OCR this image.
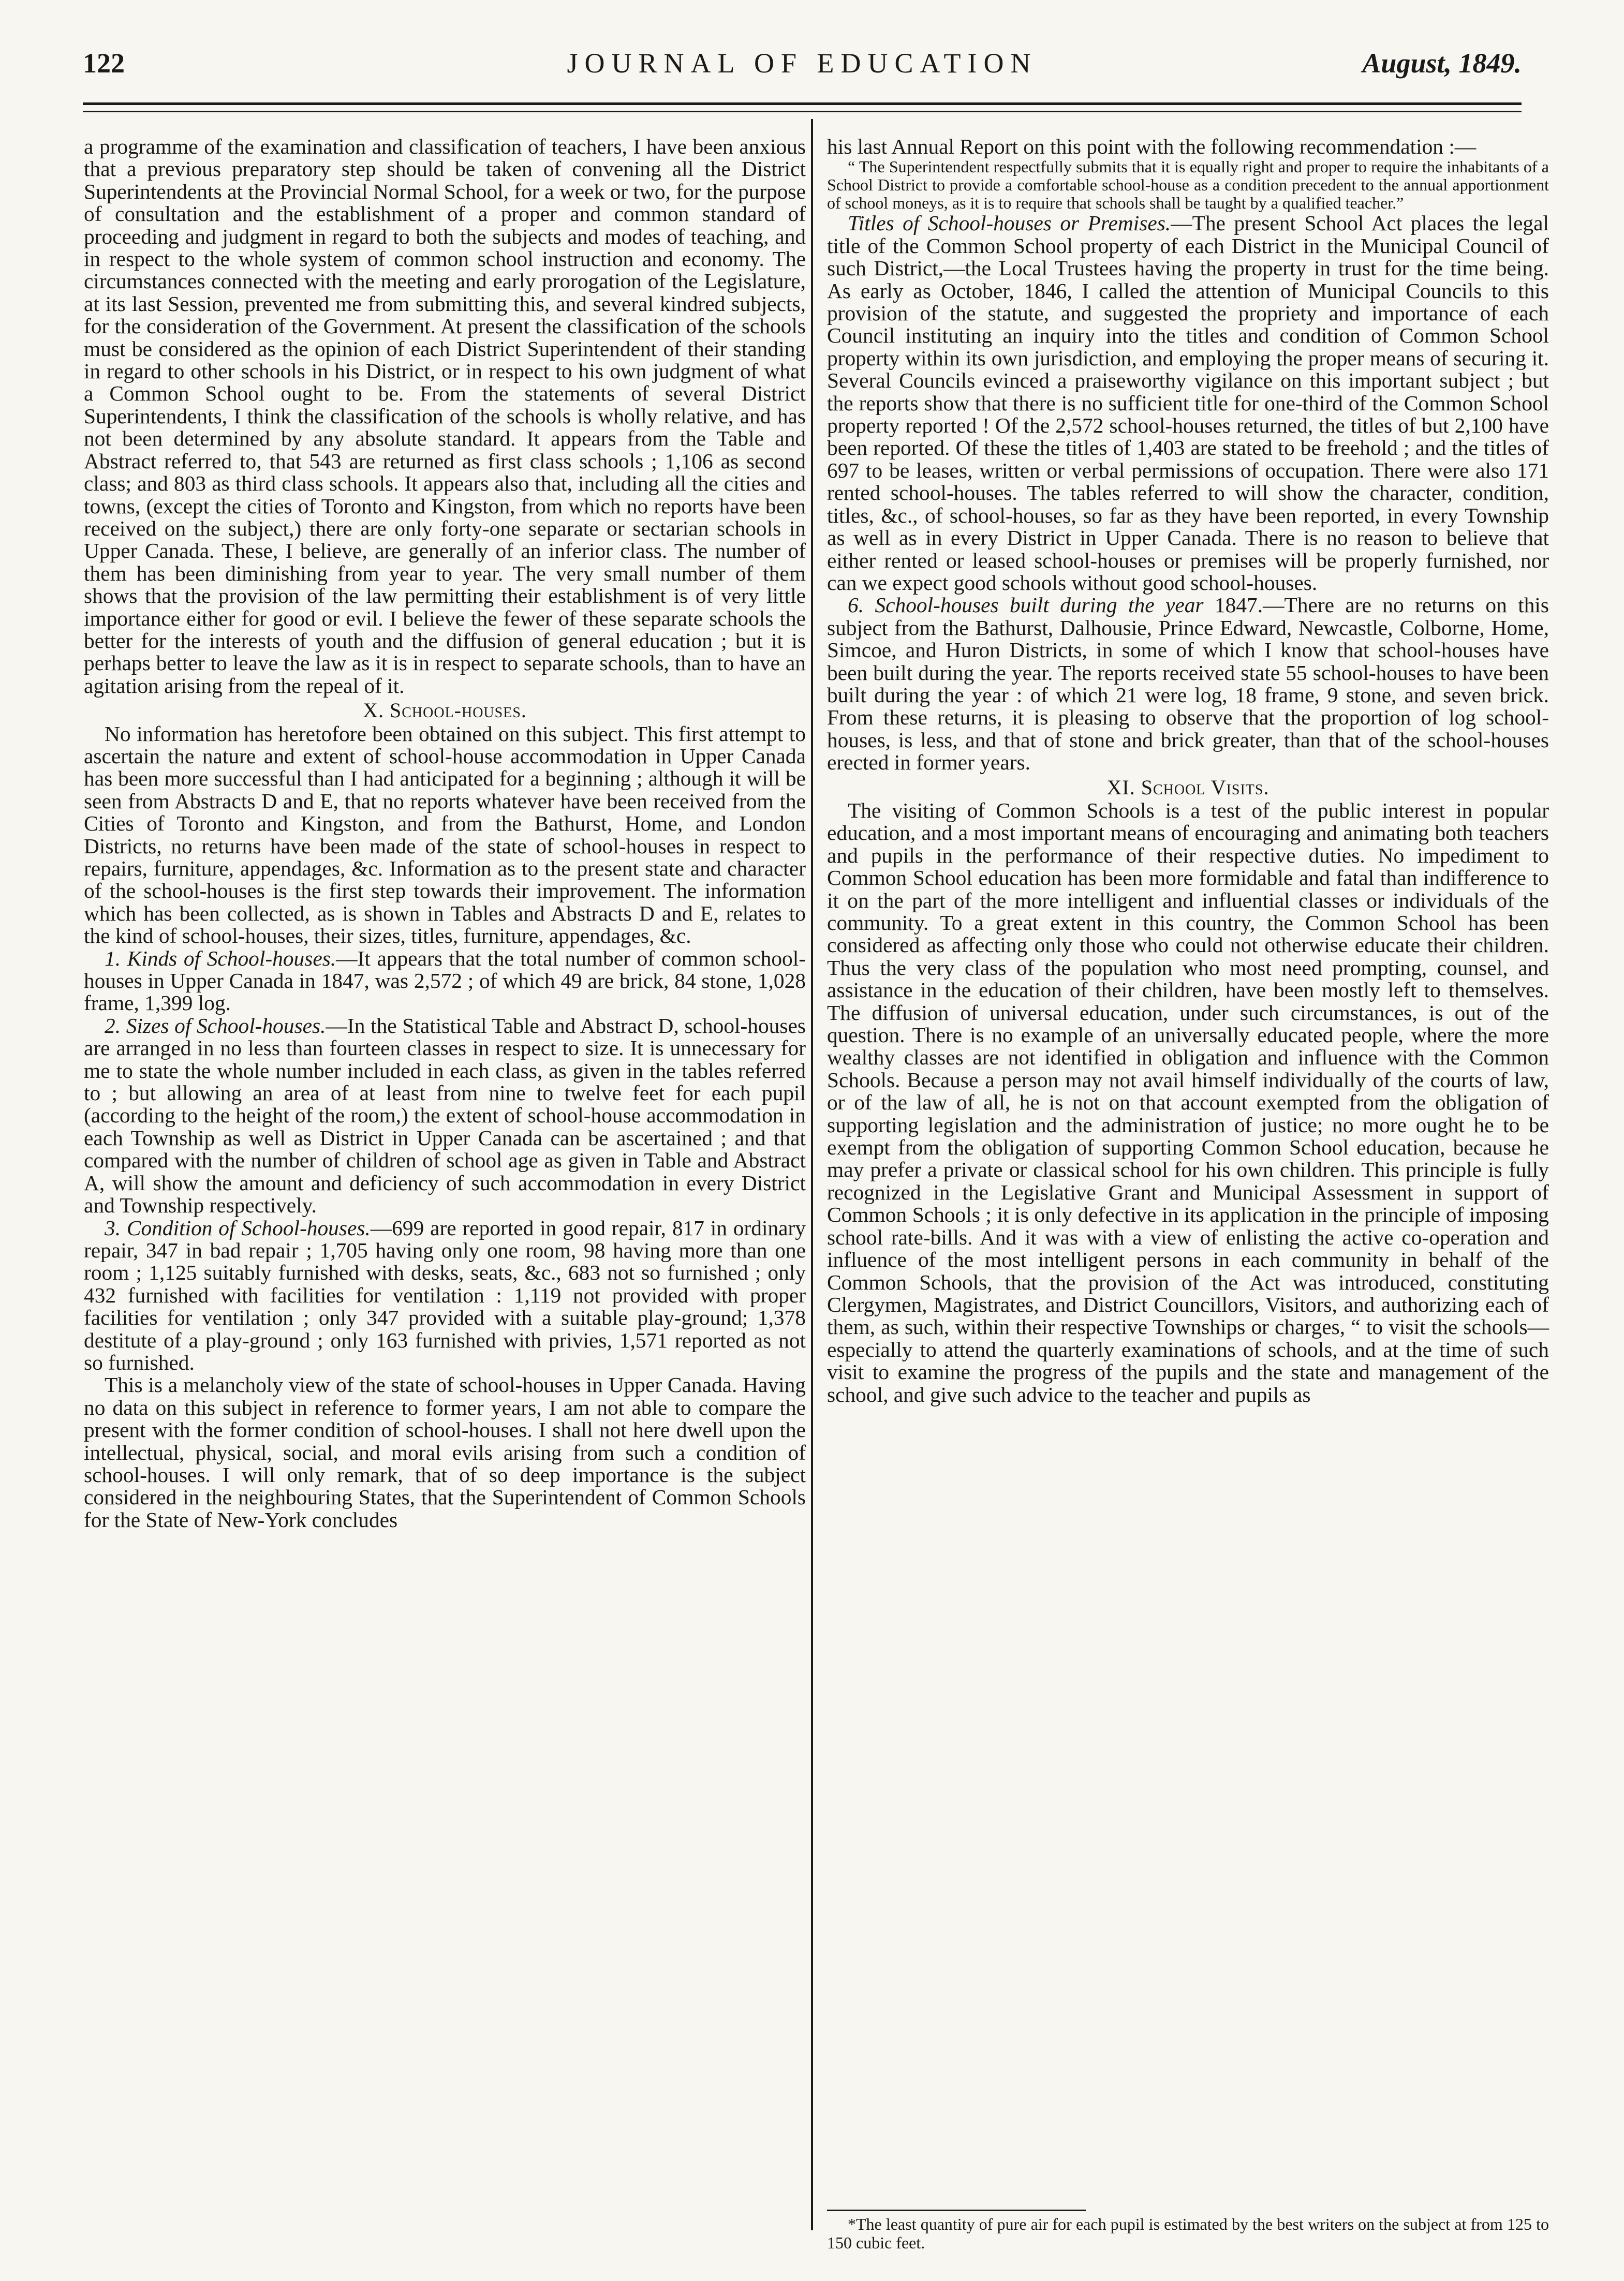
122	JOURNAL OF EDUCATION	August, 1849.

a programme of the examination and classification of teachers, I have been anxious that a previous preparatory step should be taken of convening all the District Superintendents at the Provincial Normal School, for a week or two, for the purpose of consultation and the establishment of a proper and common standard of proceeding and judgment in regard to both the subjects and modes of teaching, and in respect to the whole system of common school instruction and economy. The circumstances connected with the meeting and early prorogation of the Legislature, at its last Session, prevented me from submitting this, and several kindred subjects, for the consideration of the Government. At present the classification of the schools must be considered as the opinion of each District Superintendent of their standing in regard to other schools in his District, or in respect to his own judgment of what a Common School ought to be. From the statements of several District Superintendents, I think the classification of the schools is wholly relative, and has not been determined by any absolute standard. It appears from the Table and Abstract referred to, that 543 are returned as first class schools ; 1,106 as second class; and 803 as third class schools. It appears also that, including all the cities and towns, (except the cities of Toronto and Kingston, from which no reports have been received on the subject,) there are only forty-one separate or sectarian schools in Upper Canada. These, I believe, are generally of an inferior class. The number of them has been diminishing from year to year. The very small number of them shows that the provision of the law permitting their establishment is of very little importance either for good or evil. I believe the fewer of these separate schools the better for the interests of youth and the diffusion of general education ; but it is perhaps better to leave the law as it is in respect to separate schools, than to have an agitation arising from the repeal of it.

X. School-houses.

No information has heretofore been obtained on this subject. This first attempt to ascertain the nature and extent of school-house accommodation in Upper Canada has been more successful than I had anticipated for a beginning ; although it will be seen from Abstracts D and E, that no reports whatever have been received from the Cities of Toronto and Kingston, and from the Bathurst, Home, and London Districts, no returns have been made of the state of school-houses in respect to repairs, furniture, appendages, &c. Information as to the present state and character of the school-houses is the first step towards their improvement. The information which has been collected, as is shown in Tables and Abstracts D and E, relates to the kind of school-houses, their sizes, titles, furniture, appendages, &c.

1. Kinds of School-houses.—It appears that the total number of common school-houses in Upper Canada in 1847, was 2,572 ; of which 49 are brick, 84 stone, 1,028 frame, 1,399 log.

2. Sizes of School-houses.—In the Statistical Table and Abstract D, school-houses are arranged in no less than fourteen classes in respect to size. It is unnecessary for me to state the whole number included in each class, as given in the tables referred to ; but allowing an area of at least from nine to twelve feet for each pupil (according to the height of the room,) the extent of school-house accommodation in each Township as well as District in Upper Canada can be ascertained ; and that compared with the number of children of school age as given in Table and Abstract A, will show the amount and deficiency of such accommodation in every District and Township respectively.

3. Condition of School-houses.—699 are reported in good repair, 817 in ordinary repair, 347 in bad repair ; 1,705 having only one room, 98 having more than one room ; 1,125 suitably furnished with desks, seats, &c., 683 not so furnished ; only 432 furnished with facilities for ventilation : 1,119 not provided with proper facilities for ventilation ; only 347 provided with a suitable play-ground; 1,378 destitute of a play-ground ; only 163 furnished with privies, 1,571 reported as not so furnished.

This is a melancholy view of the state of school-houses in Upper Canada. Having no data on this subject in reference to former years, I am not able to compare the present with the former condition of school-houses. I shall not here dwell upon the intellectual, physical, social, and moral evils arising from such a condition of school-houses. I will only remark, that of so deep importance is the subject considered in the neighbouring States, that the Superintendent of Common Schools for the State of New-York concludes

his last Annual Report on this point with the following recommendation :—

“ The Superintendent respectfully submits that it is equally right and proper to require the inhabitants of a School District to provide a comfortable school-house as a condition precedent to the annual apportionment of school moneys, as it is to require that schools shall be taught by a qualified teacher.”

Titles of School-houses or Premises.—The present School Act places the legal title of the Common School property of each District in the Municipal Council of such District,—the Local Trustees having the property in trust for the time being. As early as October, 1846, I called the attention of Municipal Councils to this provision of the statute, and suggested the propriety and importance of each Council instituting an inquiry into the titles and condition of Common School property within its own jurisdiction, and employing the proper means of securing it. Several Councils evinced a praiseworthy vigilance on this important subject ; but the reports show that there is no sufficient title for one-third of the Common School property reported ! Of the 2,572 school-houses returned, the titles of but 2,100 have been reported. Of these the titles of 1,403 are stated to be freehold ; and the titles of 697 to be leases, written or verbal permissions of occupation. There were also 171 rented school-houses. The tables referred to will show the character, condition, titles, &c., of school-houses, so far as they have been reported, in every Township as well as in every District in Upper Canada. There is no reason to believe that either rented or leased school-houses or premises will be properly furnished, nor can we expect good schools without good school-houses.

6. School-houses built during the year 1847.—There are no returns on this subject from the Bathurst, Dalhousie, Prince Edward, Newcastle, Colborne, Home, Simcoe, and Huron Districts, in some of which I know that school-houses have been built during the year. The reports received state 55 school-houses to have been built during the year : of which 21 were log, 18 frame, 9 stone, and seven brick. From these returns, it is pleasing to observe that the proportion of log school-houses, is less, and that of stone and brick greater, than that of the school-houses erected in former years.

XI. School Visits.

The visiting of Common Schools is a test of the public interest in popular education, and a most important means of encouraging and animating both teachers and pupils in the performance of their respective duties. No impediment to Common School education has been more formidable and fatal than indifference to it on the part of the more intelligent and influential classes or individuals of the community. To a great extent in this country, the Common School has been considered as affecting only those who could not otherwise educate their children. Thus the very class of the population who most need prompting, counsel, and assistance in the education of their children, have been mostly left to themselves. The diffusion of universal education, under such circumstances, is out of the question. There is no example of an universally educated people, where the more wealthy classes are not identified in obligation and influence with the Common Schools. Because a person may not avail himself individually of the courts of law, or of the law of all, he is not on that account exempted from the obligation of supporting legislation and the administration of justice; no more ought he to be exempt from the obligation of supporting Common School education, because he may prefer a private or classical school for his own children. This principle is fully recognized in the Legislative Grant and Municipal Assessment in support of Common Schools ; it is only defective in its application in the principle of imposing school rate-bills. And it was with a view of enlisting the active co-operation and influence of the most intelligent persons in each community in behalf of the Common Schools, that the provision of the Act was introduced, constituting Clergymen, Magistrates, and District Councillors, Visitors, and authorizing each of them, as such, within their respective Townships or charges, “ to visit the schools—especially to attend the quarterly examinations of schools, and at the time of such visit to examine the progress of the pupils and the state and management of the school, and give such advice to the teacher and pupils as

*The least quantity of pure air for each pupil is estimated by the best writers on the subject at from 125 to 150 cubic feet.
